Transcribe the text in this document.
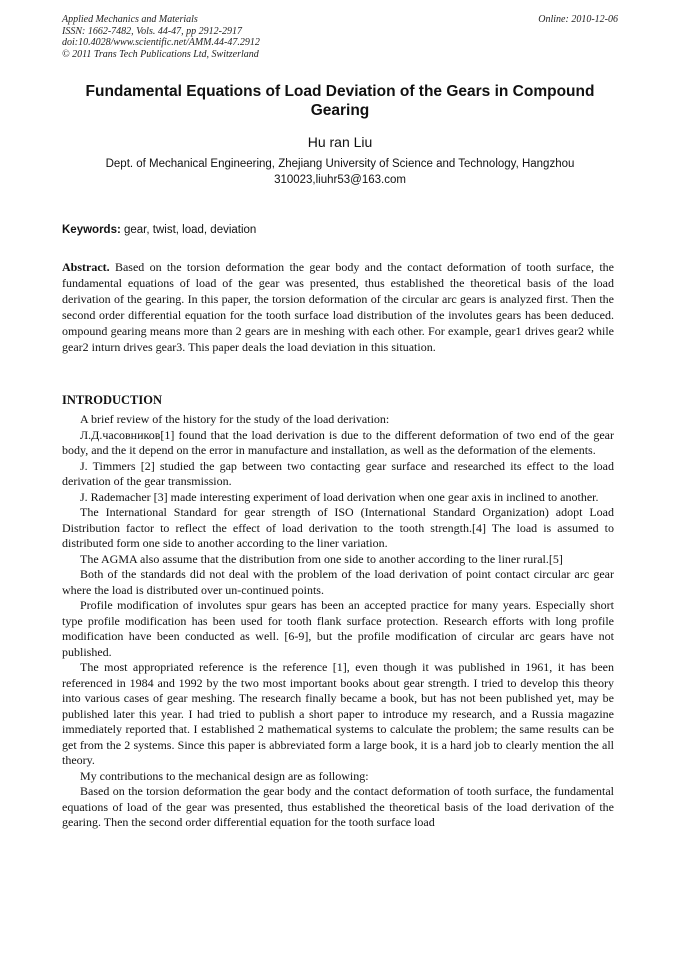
Applied Mechanics and Materials
ISSN: 1662-7482, Vols. 44-47, pp 2912-2917
doi:10.4028/www.scientific.net/AMM.44-47.2912
© 2011 Trans Tech Publications Ltd, Switzerland
Online: 2010-12-06
Fundamental Equations of Load Deviation of the Gears in Compound Gearing
Hu ran Liu
Dept. of Mechanical Engineering, Zhejiang University of Science and Technology, Hangzhou 310023,liuhr53@163.com
Keywords: gear, twist, load, deviation
Abstract. Based on the torsion deformation the gear body and the contact deformation of tooth surface, the fundamental equations of load of the gear was presented, thus established the theoretical basis of the load derivation of the gearing. In this paper, the torsion deformation of the circular arc gears is analyzed first. Then the second order differential equation for the tooth surface load distribution of the involutes gears has been deduced. ompound gearing means more than 2 gears are in meshing with each other. For example, gear1 drives gear2 while gear2 inturn drives gear3. This paper deals the load deviation in this situation.
INTRODUCTION

A brief review of the history for the study of the load derivation:

Л.Д.часовников[1] found that the load derivation is due to the different deformation of two end of the gear body, and the it depend on the error in manufacture and installation, as well as the deformation of the elements.

J. Timmers [2] studied the gap between two contacting gear surface and researched its effect to the load derivation of the gear transmission.

J. Rademacher [3] made interesting experiment of load derivation when one gear axis in inclined to another.

The International Standard for gear strength of ISO (International Standard Organization) adopt Load Distribution factor to reflect the effect of load derivation to the tooth strength.[4] The load is assumed to distributed form one side to another according to the liner variation.

The AGMA also assume that the distribution from one side to another according to the liner rural.[5]

Both of the standards did not deal with the problem of the load derivation of point contact circular arc gear where the load is distributed over un-continued points.

Profile modification of involutes spur gears has been an accepted practice for many years. Especially short type profile modification has been used for tooth flank surface protection. Research efforts with long profile modification have been conducted as well. [6-9], but the profile modification of circular arc gears have not published.

The most appropriated reference is the reference [1], even though it was published in 1961, it has been referenced in 1984 and 1992 by the two most important books about gear strength. I tried to develop this theory into various cases of gear meshing. The research finally became a book, but has not been published yet, may be published later this year. I had tried to publish a short paper to introduce my research, and a Russia magazine immediately reported that. I established 2 mathematical systems to calculate the problem; the same results can be get from the 2 systems. Since this paper is abbreviated form a large book, it is a hard job to clearly mention the all theory.

My contributions to the mechanical design are as following:

Based on the torsion deformation the gear body and the contact deformation of tooth surface, the fundamental equations of load of the gear was presented, thus established the theoretical basis of the load derivation of the gearing. Then the second order differential equation for the tooth surface load
